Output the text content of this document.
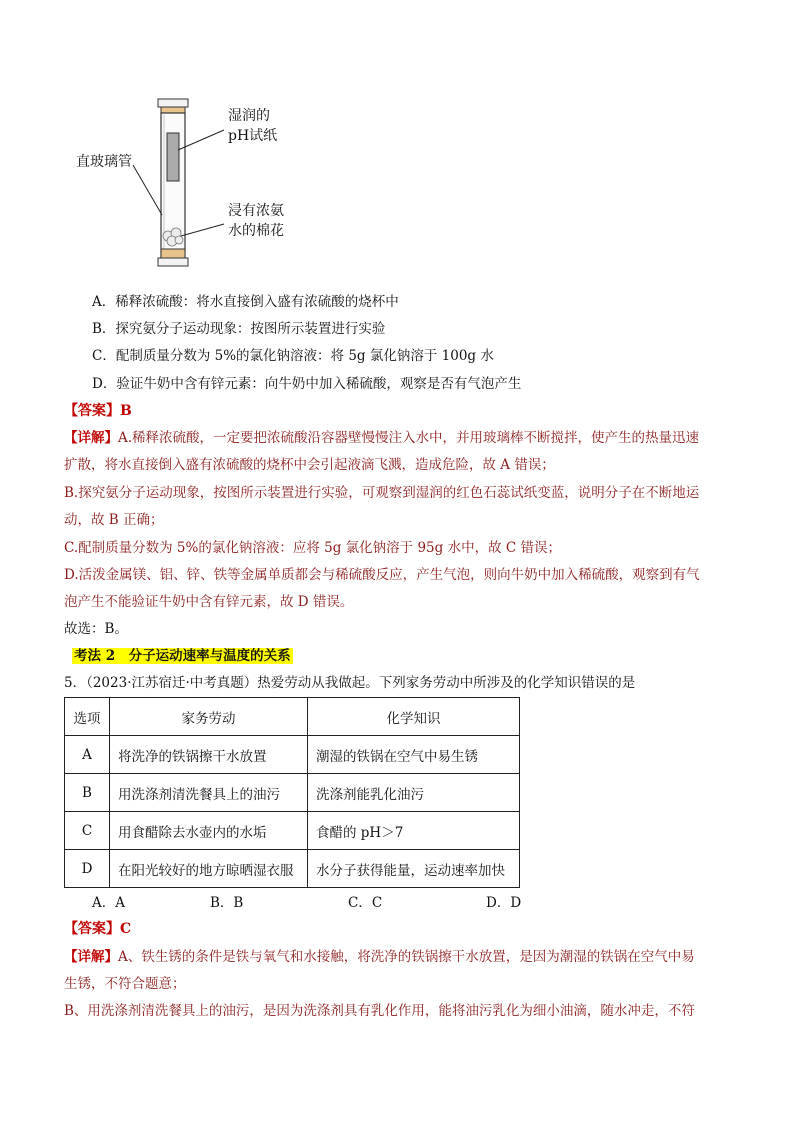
直玻璃管
湿润的
pH试纸
浸有浓氨
水的棉花
A．稀释浓硫酸：将水直接倒入盛有浓硫酸的烧杯中
B．探究氨分子运动现象：按图所示装置进行实验
C．配制质量分数为 5%的氯化钠溶液：将 5g 氯化钠溶于 100g 水
D．验证牛奶中含有锌元素：向牛奶中加入稀硫酸，观察是否有气泡产生
【答案】B
【详解】A.稀释浓硫酸，一定要把浓硫酸沿容器壁慢慢注入水中，并用玻璃棒不断搅拌，使产生的热量迅速
扩散，将水直接倒入盛有浓硫酸的烧杯中会引起液滴飞溅，造成危险，故 A 错误；
B.探究氨分子运动现象，按图所示装置进行实验，可观察到湿润的红色石蕊试纸变蓝，说明分子在不断地运
动，故 B 正确；
C.配制质量分数为 5%的氯化钠溶液：应将 5g 氯化钠溶于 95g 水中，故 C 错误；
D.活泼金属镁、铝、锌、铁等金属单质都会与稀硫酸反应，产生气泡，则向牛奶中加入稀硫酸，观察到有气
泡产生不能验证牛奶中含有锌元素，故 D 错误。
故选：B。
考法 2　分子运动速率与温度的关系
5．（2023·江苏宿迁·中考真题）热爱劳动从我做起。下列家务劳动中所涉及的化学知识错误的是
选项	家务劳动	化学知识
A	将洗净的铁锅擦干水放置	潮湿的铁锅在空气中易生锈
B	用洗涤剂清洗餐具上的油污	洗涤剂能乳化油污
C	用食醋除去水壶内的水垢	食醋的 pH＞7
D	在阳光较好的地方晾晒湿衣服	水分子获得能量，运动速率加快
A．A	B．B	C．C	D．D
【答案】C
【详解】A、铁生锈的条件是铁与氧气和水接触，将洗净的铁锅擦干水放置，是因为潮湿的铁锅在空气中易
生锈，不符合题意；
B、用洗涤剂清洗餐具上的油污，是因为洗涤剂具有乳化作用，能将油污乳化为细小油滴，随水冲走，不符
